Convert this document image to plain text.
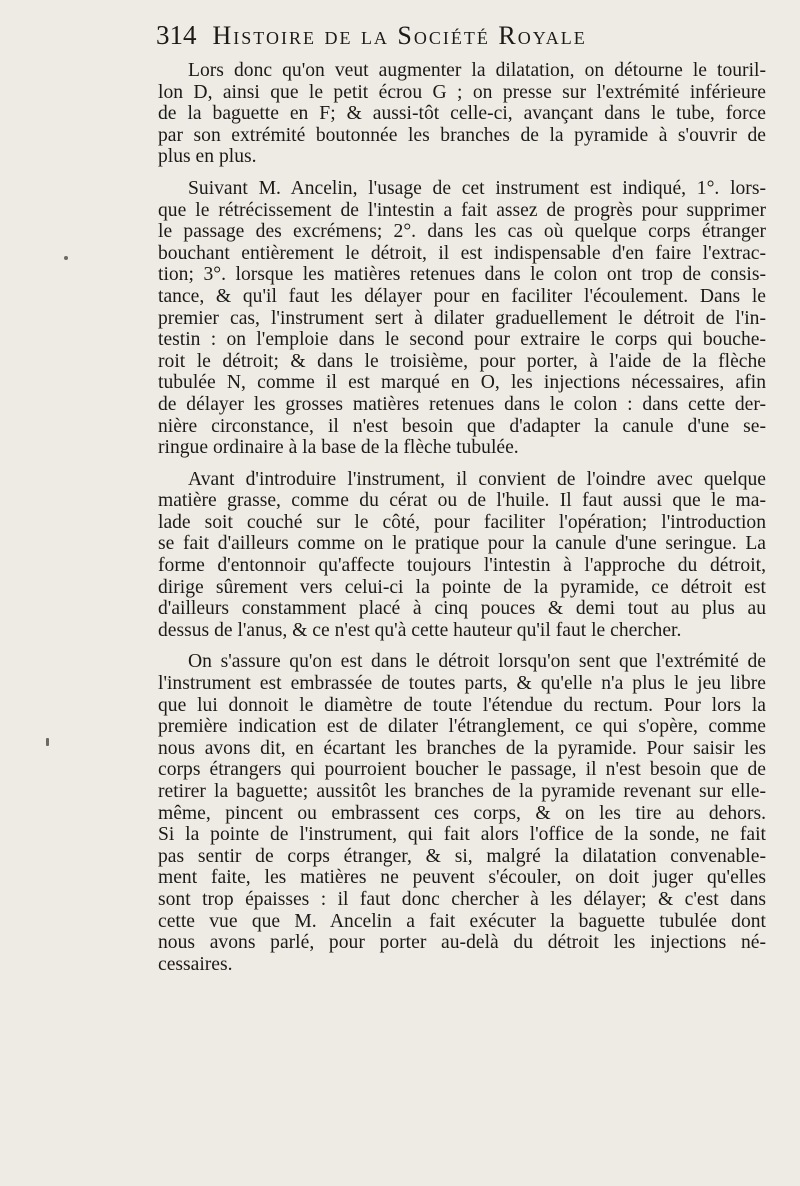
314 Histoire de la Société Royale
Lors donc qu'on veut augmenter la dilatation, on détourne le touril-
lon D, ainsi que le petit écrou G ; on presse sur l'extrémité inférieure
de la baguette en F; & aussi-tôt celle-ci, avançant dans le tube, force
par son extrémité boutonnée les branches de la pyramide à s'ouvrir de
plus en plus.
Suivant M. Ancelin, l'usage de cet instrument est indiqué, 1°. lors-
que le rétrécissement de l'intestin a fait assez de progrès pour supprimer
le passage des excrémens; 2°. dans les cas où quelque corps étranger
bouchant entièrement le détroit, il est indispensable d'en faire l'extrac-
tion; 3°. lorsque les matières retenues dans le colon ont trop de consis-
tance, & qu'il faut les délayer pour en faciliter l'écoulement. Dans le
premier cas, l'instrument sert à dilater graduellement le détroit de l'in-
testin : on l'emploie dans le second pour extraire le corps qui bouche-
roit le détroit; & dans le troisième, pour porter, à l'aide de la flèche
tubulée N, comme il est marqué en O, les injections nécessaires, afin
de délayer les grosses matières retenues dans le colon : dans cette der-
nière circonstance, il n'est besoin que d'adapter la canule d'une se-
ringue ordinaire à la base de la flèche tubulée.
Avant d'introduire l'instrument, il convient de l'oindre avec quelque
matière grasse, comme du cérat ou de l'huile. Il faut aussi que le ma-
lade soit couché sur le côté, pour faciliter l'opération; l'introduction
se fait d'ailleurs comme on le pratique pour la canule d'une seringue. La
forme d'entonnoir qu'affecte toujours l'intestin à l'approche du détroit,
dirige sûrement vers celui-ci la pointe de la pyramide, ce détroit est
d'ailleurs constamment placé à cinq pouces & demi tout au plus au
dessus de l'anus, & ce n'est qu'à cette hauteur qu'il faut le chercher.
On s'assure qu'on est dans le détroit lorsqu'on sent que l'extrémité de
l'instrument est embrassée de toutes parts, & qu'elle n'a plus le jeu libre
que lui donnoit le diamètre de toute l'étendue du rectum. Pour lors la
première indication est de dilater l'étranglement, ce qui s'opère, comme
nous avons dit, en écartant les branches de la pyramide. Pour saisir les
corps étrangers qui pourroient boucher le passage, il n'est besoin que de
retirer la baguette; aussitôt les branches de la pyramide revenant sur elle-
même, pincent ou embrassent ces corps, & on les tire au dehors.
Si la pointe de l'instrument, qui fait alors l'office de la sonde, ne fait
pas sentir de corps étranger, & si, malgré la dilatation convenable-
ment faite, les matières ne peuvent s'écouler, on doit juger qu'elles
sont trop épaisses : il faut donc chercher à les délayer; & c'est dans
cette vue que M. Ancelin a fait exécuter la baguette tubulée dont
nous avons parlé, pour porter au-delà du détroit les injections né-
cessaires.
